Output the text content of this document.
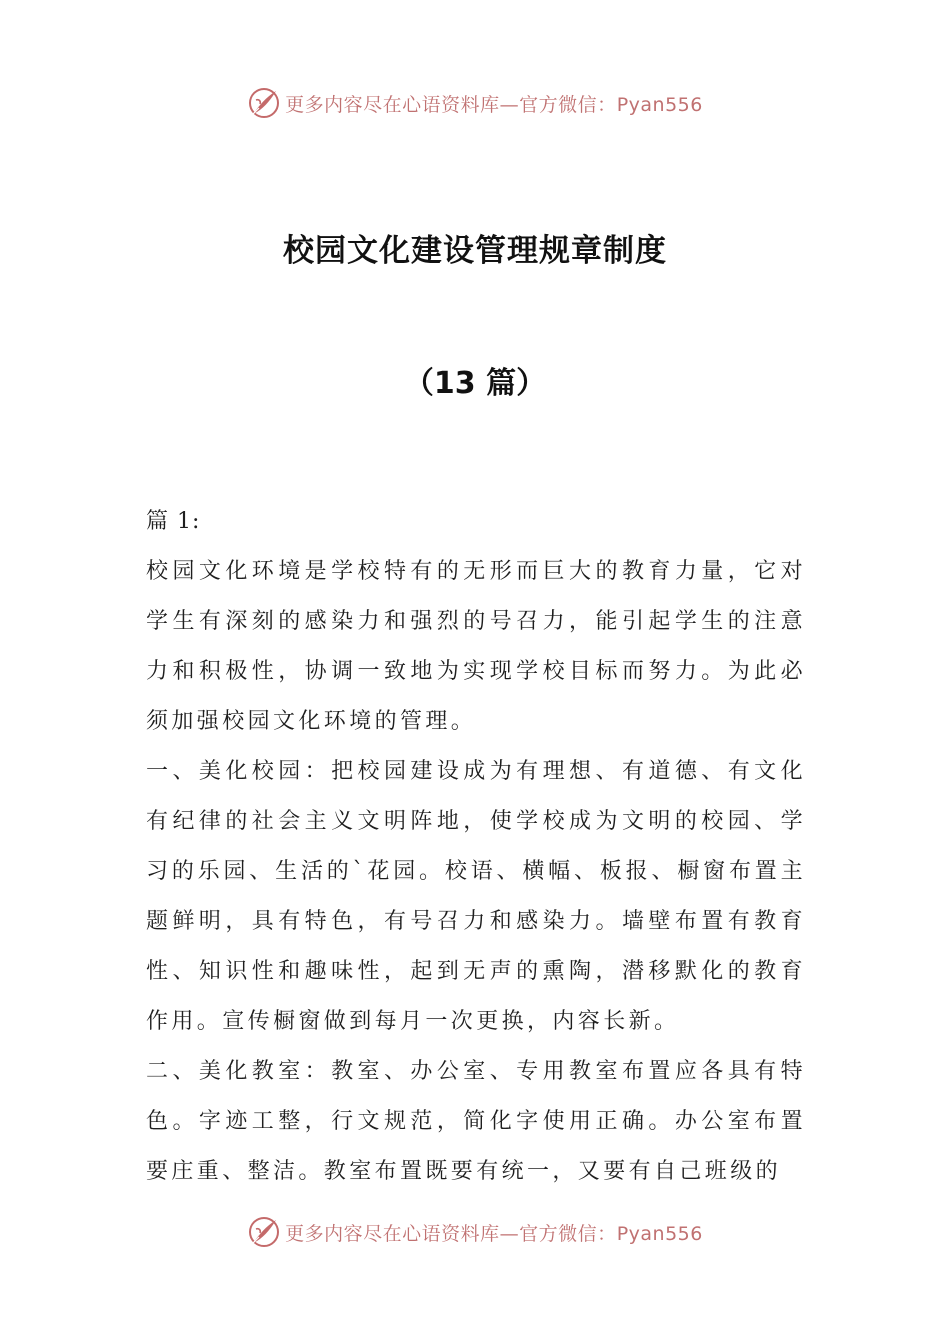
更多内容尽在心语资料库—官方微信：Pyan556
校园文化建设管理规章制度
（13 篇）

篇 1:

校园文化环境是学校特有的无形而巨大的教育力量，它对学生有深刻的感染力和强烈的号召力，能引起学生的注意力和积极性，协调一致地为实现学校目标而努力。为此必须加强校园文化环境的管理。

一、美化校园：把校园建设成为有理想、有道德、有文化有纪律的社会主义文明阵地，使学校成为文明的校园、学习的乐园、生活的`花园。校语、横幅、板报、橱窗布置主题鲜明，具有特色，有号召力和感染力。墙壁布置有教育性、知识性和趣味性，起到无声的熏陶，潜移默化的教育作用。宣传橱窗做到每月一次更换，内容长新。

二、美化教室：教室、办公室、专用教室布置应各具有特色。字迹工整，行文规范，简化字使用正确。办公室布置要庄重、整洁。教室布置既要有统一，又要有自己班级的

更多内容尽在心语资料库—官方微信：Pyan556
